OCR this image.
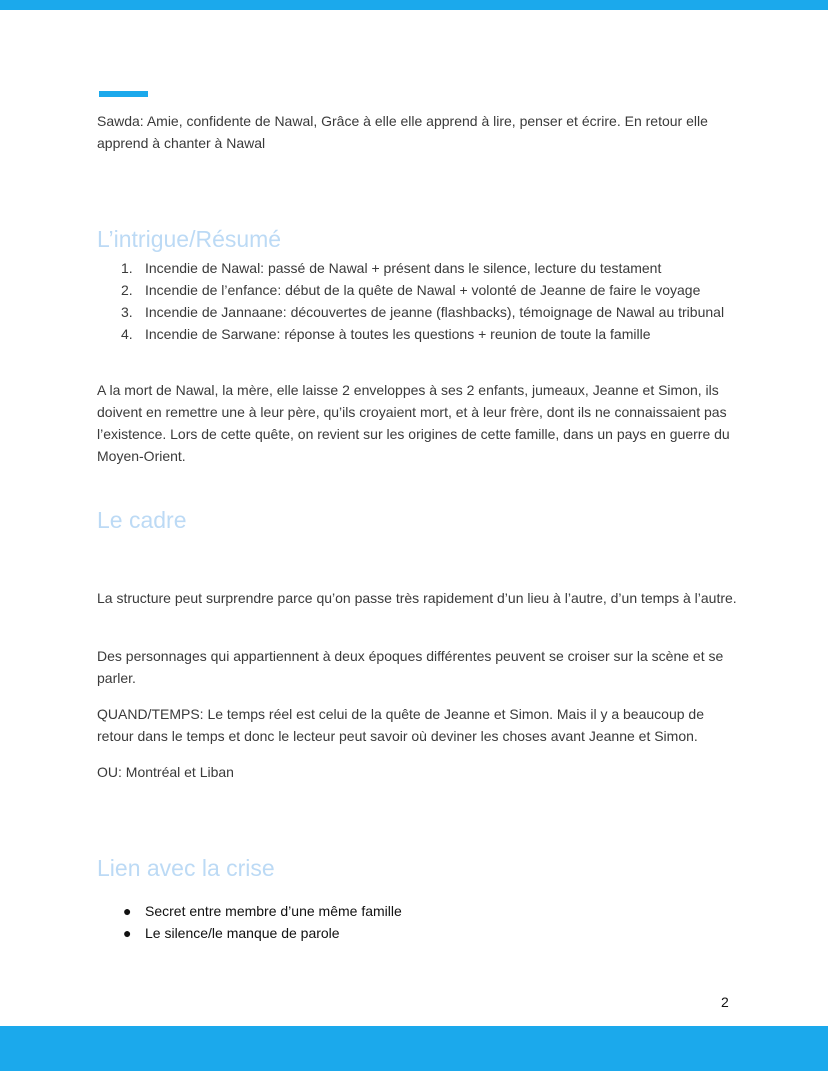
Sawda: Amie, confidente de Nawal, Grâce à elle elle apprend à lire, penser et écrire. En retour elle apprend à chanter à Nawal

L’intrigue/Résumé
1. Incendie de Nawal: passé de Nawal + présent dans le silence, lecture du testament
2. Incendie de l’enfance: début de la quête de Nawal + volonté de Jeanne de faire le voyage
3. Incendie de Jannaane: découvertes de jeanne (flashbacks), témoignage de Nawal au tribunal
4. Incendie de Sarwane: réponse à toutes les questions + reunion de toute la famille

A la mort de Nawal, la mère, elle laisse 2 enveloppes à ses 2 enfants, jumeaux, Jeanne et Simon, ils doivent en remettre une à leur père, qu’ils croyaient mort, et à leur frère, dont ils ne connaissaient pas l’existence. Lors de cette quête, on revient sur les origines de cette famille, dans un pays en guerre du Moyen-Orient.

Le cadre

La structure peut surprendre parce qu’on passe très rapidement d’un lieu à l’autre, d’un temps à l’autre.

Des personnages qui appartiennent à deux époques différentes peuvent se croiser sur la scène et se parler.

QUAND/TEMPS: Le temps réel est celui de la quête de Jeanne et Simon. Mais il y a beaucoup de retour dans le temps et donc le lecteur peut savoir où deviner les choses avant Jeanne et Simon.

OU: Montréal et Liban

Lien avec la crise
● Secret entre membre d’une même famille
● Le silence/le manque de parole
2
